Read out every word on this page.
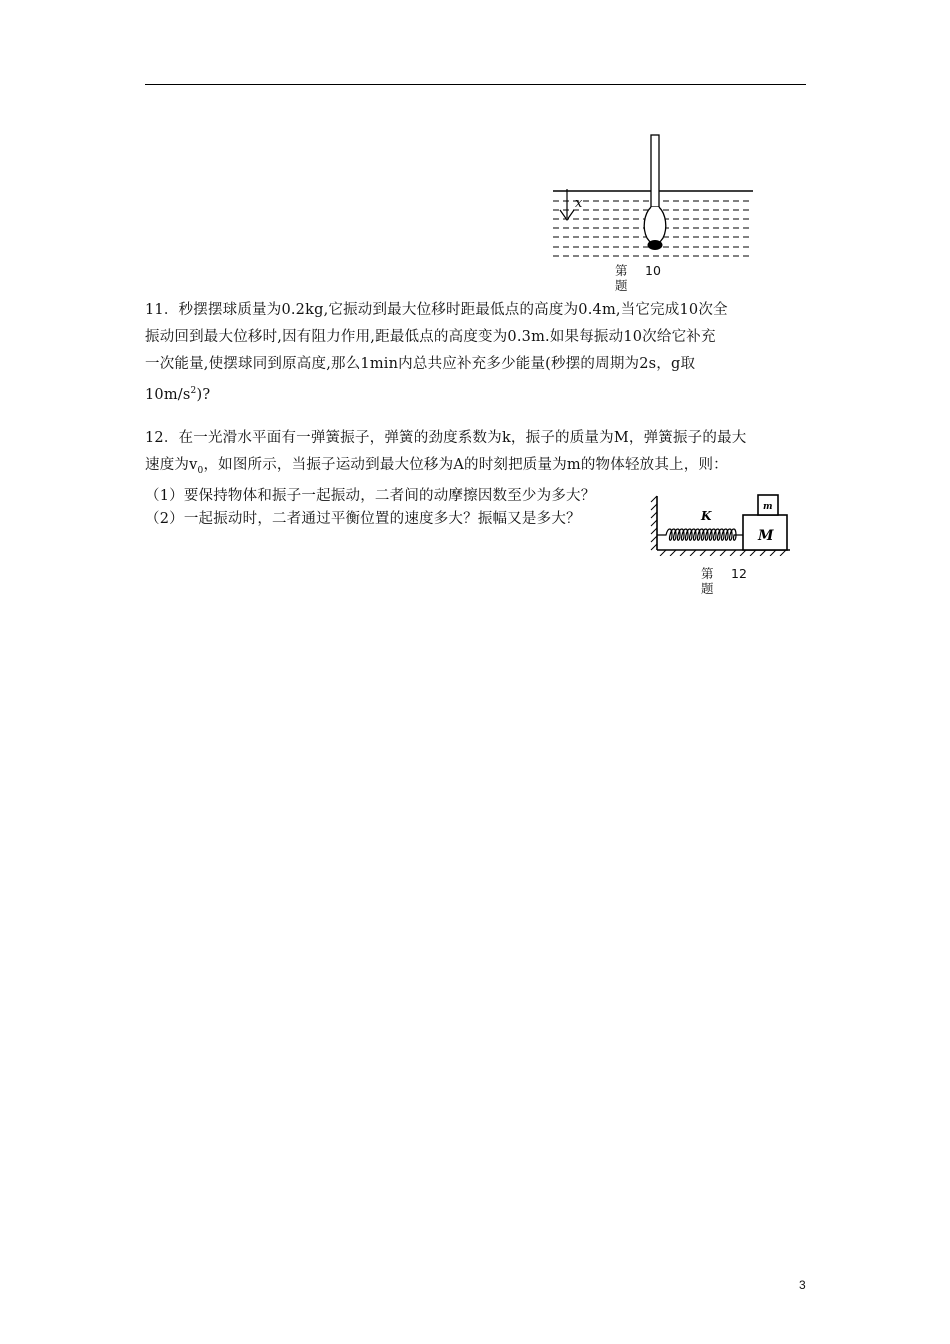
x
第
题
10
11．秒摆摆球质量为0.2kg,它振动到最大位移时距最低点的高度为0.4m,当它完成10次全
振动回到最大位移时,因有阻力作用,距最低点的高度变为0.3m.如果每振动10次给它补充
一次能量,使摆球同到原高度,那么1min内总共应补充多少能量(秒摆的周期为2s，g取
$10m/s^2$)?
12．在一光滑水平面有一弹簧振子，弹簧的劲度系数为k，振子的质量为M，弹簧振子的最大
速度为$v_0$，如图所示，当振子运动到最大位移为A的时刻把质量为m的物体轻放其上，则：
（1）要保持物体和振子一起振动，二者间的动摩擦因数至少为多大？
（2）一起振动时，二者通过平衡位置的速度多大？振幅又是多大？	K
m
M
第
题
12
3
